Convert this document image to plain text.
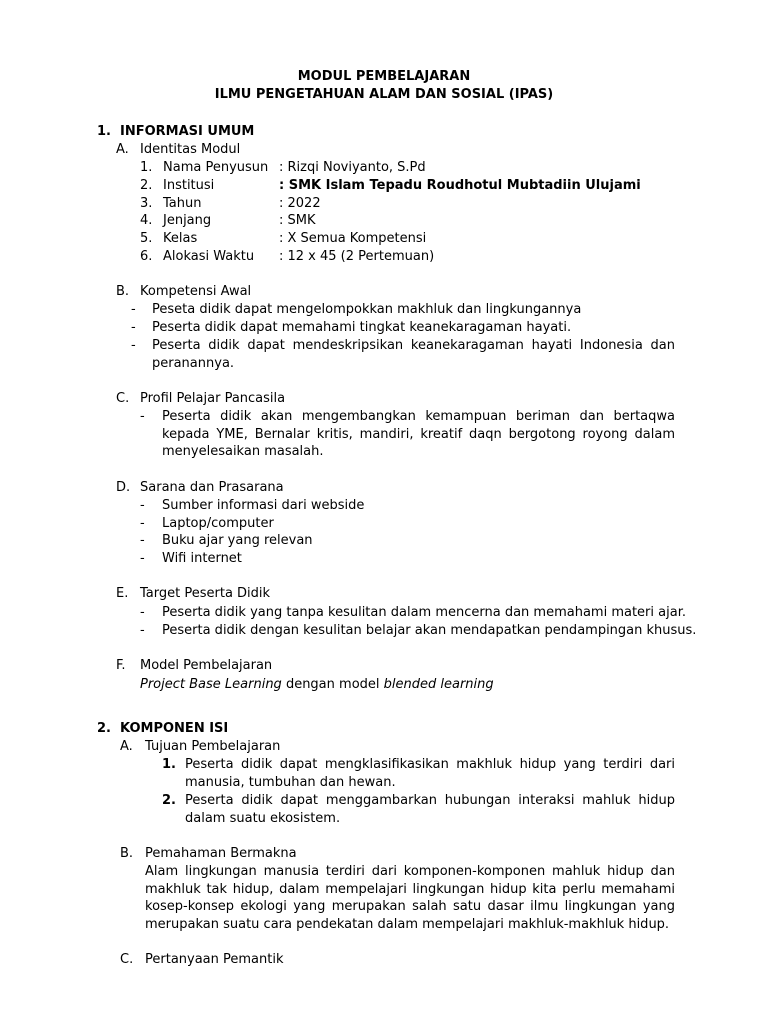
MODUL PEMBELAJARAN
ILMU PENGETAHUAN ALAM DAN SOSIAL (IPAS)
1. INFORMASI UMUM
A. Identitas Modul
1. Nama Penyusun : Rizqi Noviyanto, S.Pd
2. Institusi	: SMK Islam Tepadu Roudhotul Mubtadiin Ulujami
3. Tahun	: 2022
4. Jenjang	: SMK
5. Kelas	: X Semua Kompetensi
6. Alokasi Waktu : 12 x 45 (2 Pertemuan)
B. Kompetensi Awal
- Peseta didik dapat mengelompokkan makhluk dan lingkungannya
- Peserta didik dapat memahami tingkat keanekaragaman hayati.
- Peserta didik dapat mendeskripsikan keanekaragaman hayati Indonesia dan peranannya.
C. Profil Pelajar Pancasila
- Peserta didik akan mengembangkan kemampuan beriman dan bertaqwa kepada YME, Bernalar kritis, mandiri, kreatif daqn bergotong royong dalam menyelesaikan masalah.
D. Sarana dan Prasarana
- Sumber informasi dari webside
- Laptop/computer
- Buku ajar yang relevan
- Wifi internet
E. Target Peserta Didik
- Peserta didik yang tanpa kesulitan dalam mencerna dan memahami materi ajar.
- Peserta didik dengan kesulitan belajar akan mendapatkan pendampingan khusus.
F. Model Pembelajaran
Project Base Learning dengan model blended learning
2. KOMPONEN ISI
A. Tujuan Pembelajaran
1. Peserta didik dapat mengklasifikasikan makhluk hidup yang terdiri dari manusia, tumbuhan dan hewan.
2. Peserta didik dapat menggambarkan hubungan interaksi mahluk hidup dalam suatu ekosistem.
B. Pemahaman Bermakna
Alam lingkungan manusia terdiri dari komponen-komponen mahluk hidup dan makhluk tak hidup, dalam mempelajari lingkungan hidup kita perlu memahami kosep-konsep ekologi yang merupakan salah satu dasar ilmu lingkungan yang merupakan suatu cara pendekatan dalam mempelajari makhluk-makhluk hidup.
C. Pertanyaan Pemantik
